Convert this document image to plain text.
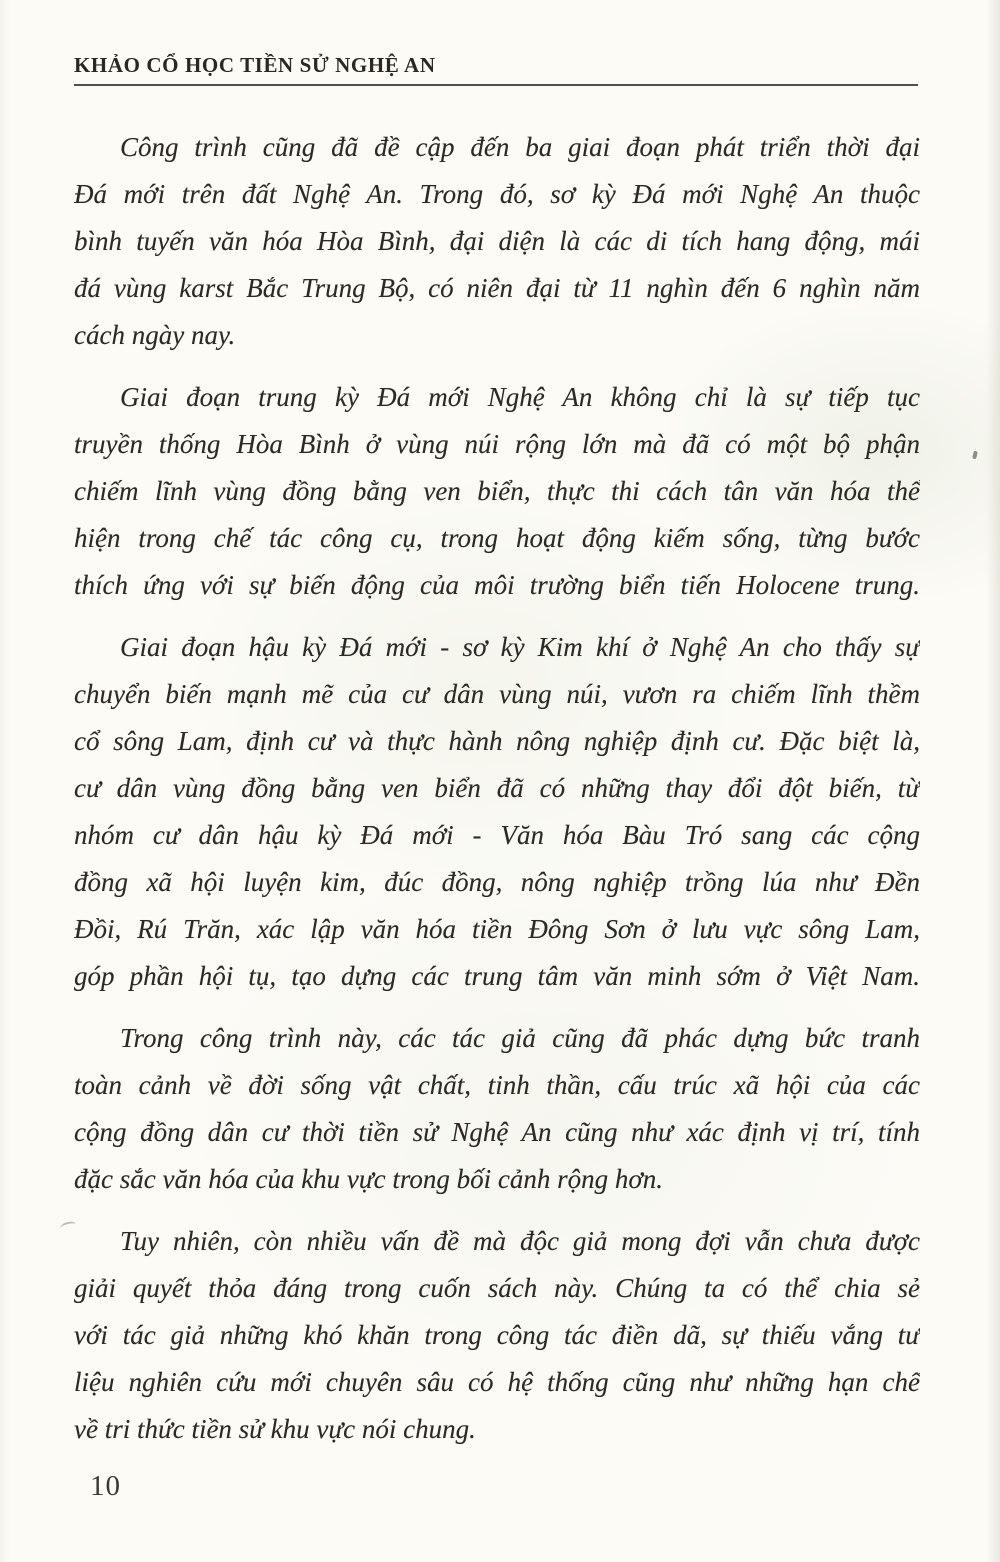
KHẢO CỔ HỌC TIỀN SỬ NGHỆ AN
Công trình cũng đã đề cập đến ba giai đoạn phát triển thời đại
Đá mới trên đất Nghệ An. Trong đó, sơ kỳ Đá mới Nghệ An thuộc
bình tuyến văn hóa Hòa Bình, đại diện là các di tích hang động, mái
đá vùng karst Bắc Trung Bộ, có niên đại từ 11 nghìn đến 6 nghìn năm
cách ngày nay.
Giai đoạn trung kỳ Đá mới Nghệ An không chỉ là sự tiếp tục
truyền thống Hòa Bình ở vùng núi rộng lớn mà đã có một bộ phận
chiếm lĩnh vùng đồng bằng ven biển, thực thi cách tân văn hóa thể
hiện trong chế tác công cụ, trong hoạt động kiếm sống, từng bước
thích ứng với sự biến động của môi trường biển tiến Holocene trung.
Giai đoạn hậu kỳ Đá mới - sơ kỳ Kim khí ở Nghệ An cho thấy sự
chuyển biến mạnh mẽ của cư dân vùng núi, vươn ra chiếm lĩnh thềm
cổ sông Lam, định cư và thực hành nông nghiệp định cư. Đặc biệt là,
cư dân vùng đồng bằng ven biển đã có những thay đổi đột biến, từ
nhóm cư dân hậu kỳ Đá mới - Văn hóa Bàu Tró sang các cộng
đồng xã hội luyện kim, đúc đồng, nông nghiệp trồng lúa như Đền
Đồi, Rú Trăn, xác lập văn hóa tiền Đông Sơn ở lưu vực sông Lam,
góp phần hội tụ, tạo dựng các trung tâm văn minh sớm ở Việt Nam.
Trong công trình này, các tác giả cũng đã phác dựng bức tranh
toàn cảnh về đời sống vật chất, tinh thần, cấu trúc xã hội của các
cộng đồng dân cư thời tiền sử Nghệ An cũng như xác định vị trí, tính
đặc sắc văn hóa của khu vực trong bối cảnh rộng hơn.
Tuy nhiên, còn nhiều vấn đề mà độc giả mong đợi vẫn chưa được
giải quyết thỏa đáng trong cuốn sách này. Chúng ta có thể chia sẻ
với tác giả những khó khăn trong công tác điền dã, sự thiếu vắng tư
liệu nghiên cứu mới chuyên sâu có hệ thống cũng như những hạn chế
về tri thức tiền sử khu vực nói chung.
10
